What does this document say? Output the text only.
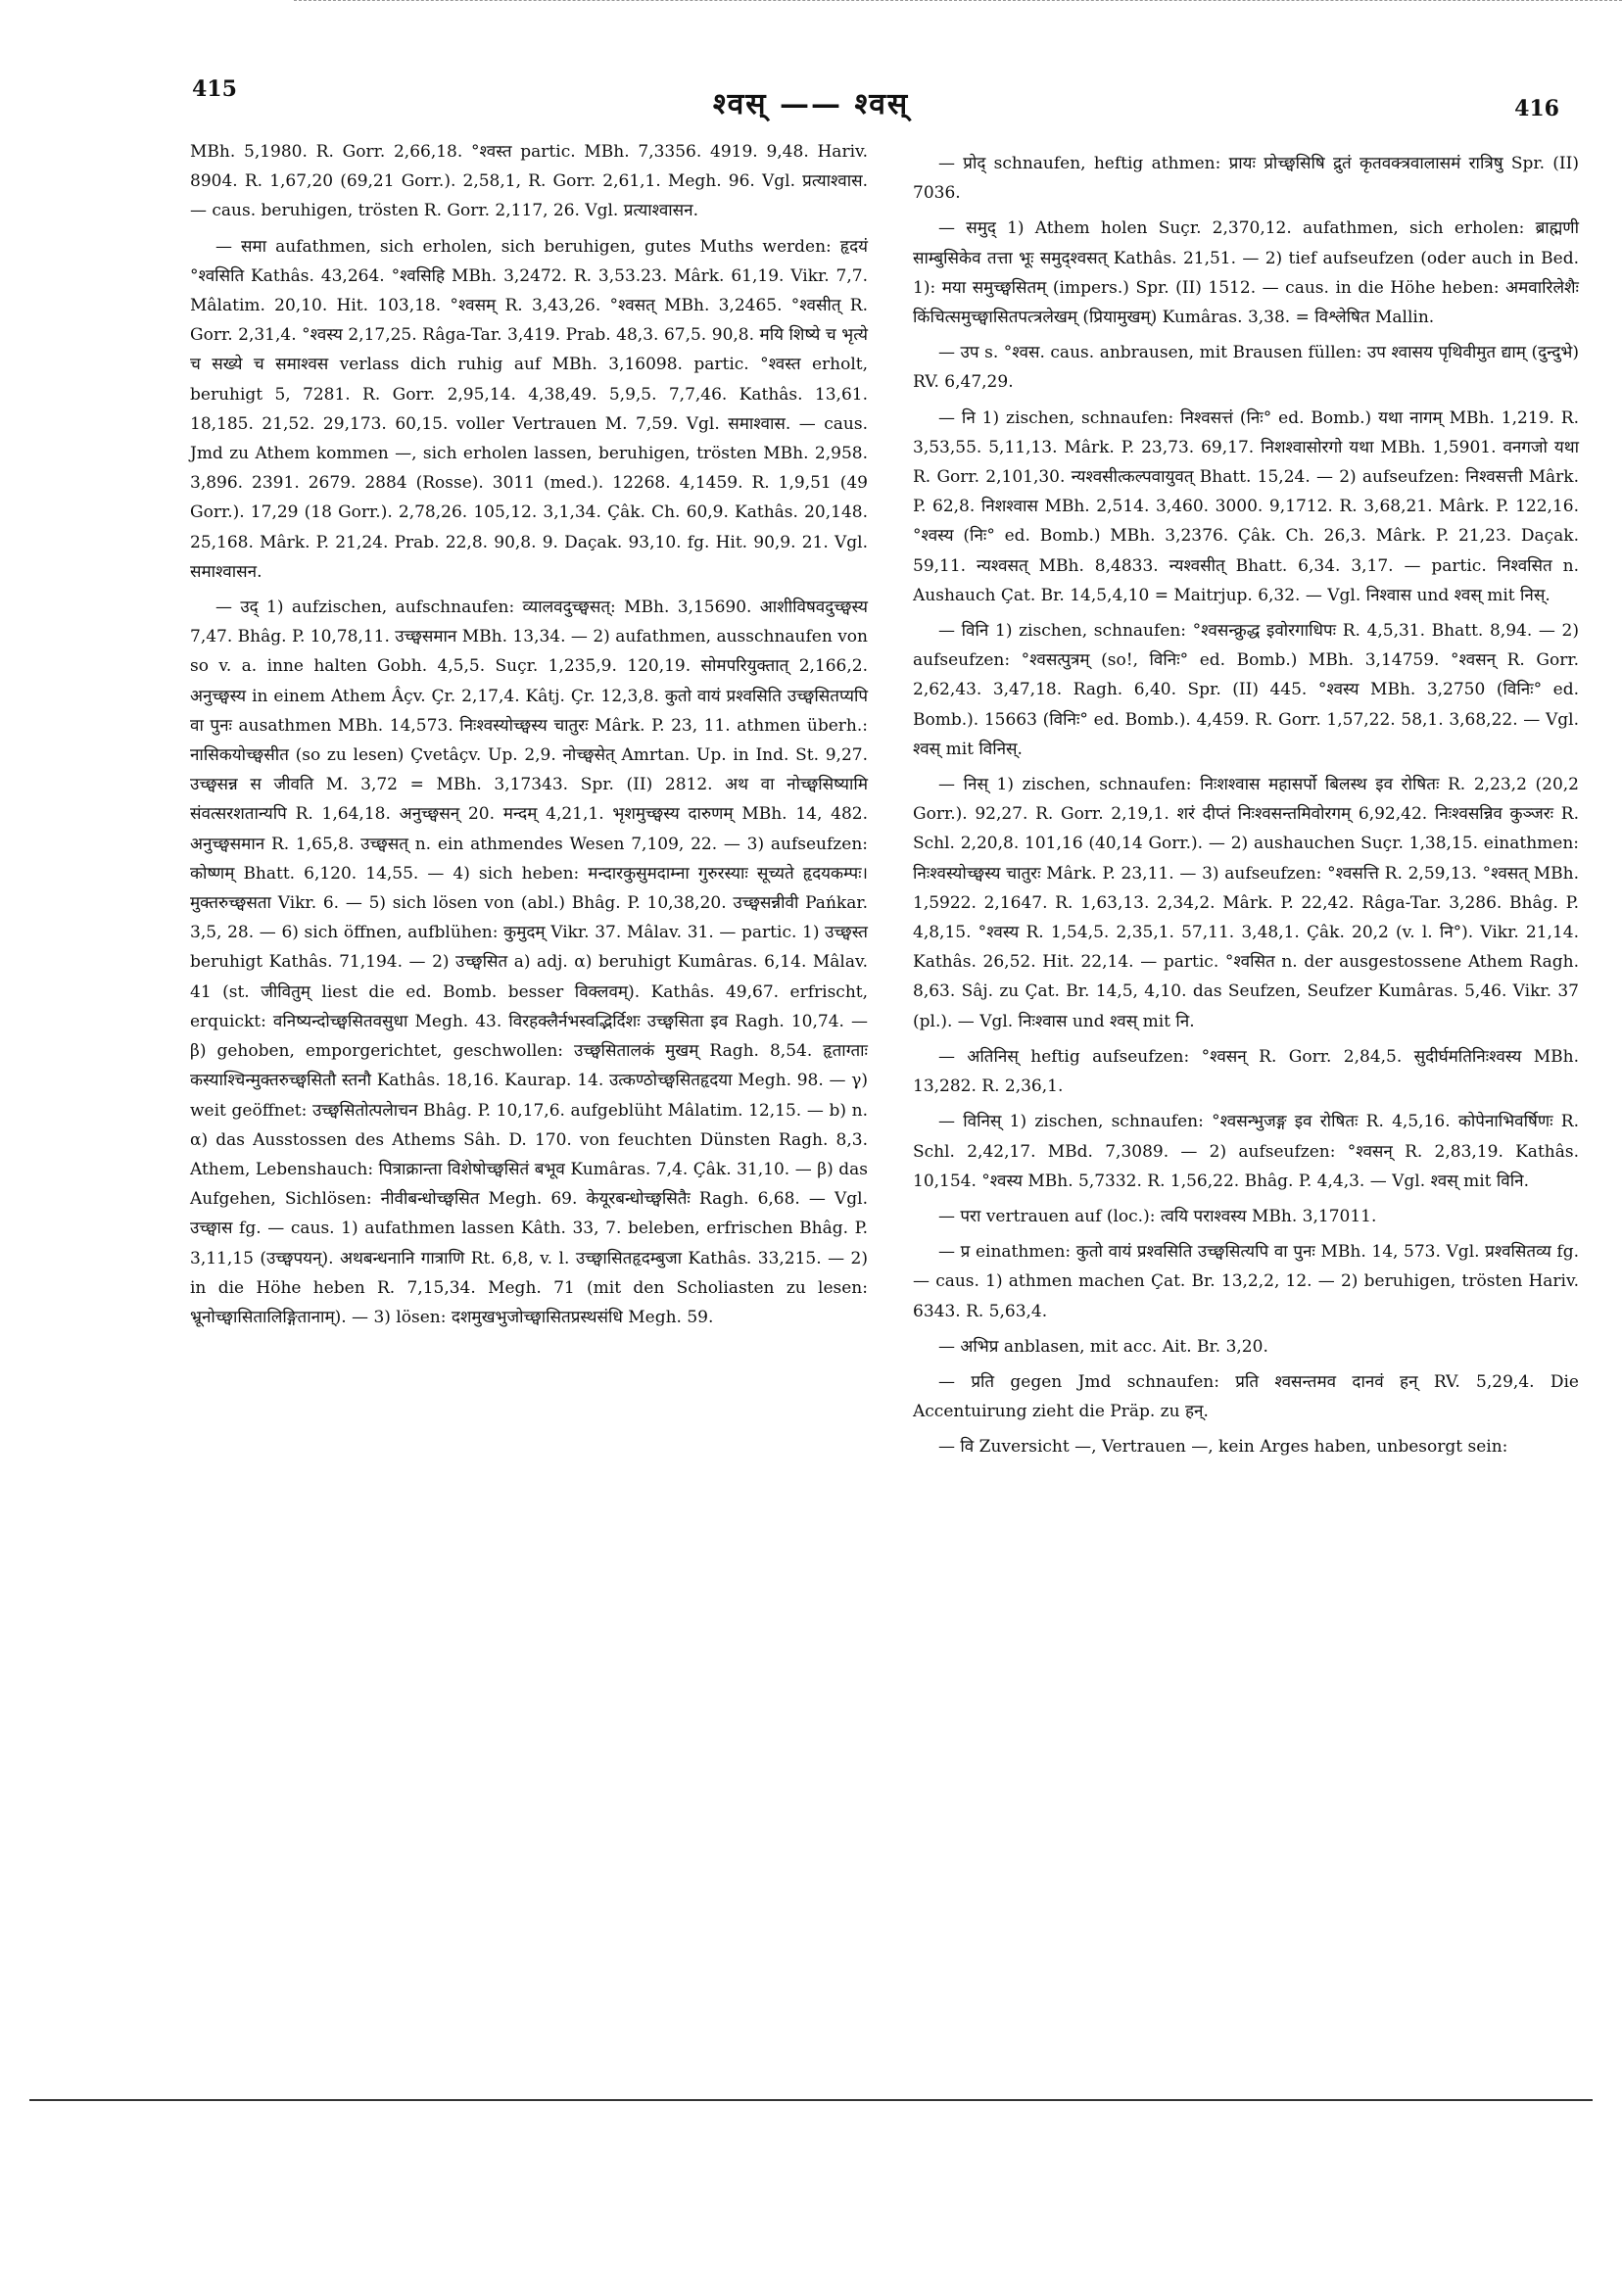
415	श्वस् —— श्वस्	416

MBh. 5,1980. R. Gorr. 2,66,18. °श्वस्त partic. MBh. 7,3356. 4919. 9,48. Hariv. 8904. R. 1,67,20 (69,21 Gorr.). 2,58,1, R. Gorr. 2,61,1. Megh. 96. Vgl. प्रत्याश्वास. — caus. beruhigen, trösten R. Gorr. 2,117, 26. Vgl. प्रत्याश्वासन.

— समा aufathmen, sich erholen, sich beruhigen, gutes Muths werden: हृदयं °श्वसिति Kathâs. 43,264. °श्वसिहि MBh. 3,2472. R. 3,53.23. Mârk. 61,19. Vikr. 7,7. Mâlatim. 20,10. Hit. 103,18. °श्वसम् R. 3,43,26. °श्वसत् MBh. 3,2465. °श्वसीत् R. Gorr. 2,31,4. °श्वस्य 2,17,25. Râga-Tar. 3,419. Prab. 48,3. 67,5. 90,8. मयि शिष्ये च भृत्ये च सख्ये च समाश्वस verlass dich ruhig auf MBh. 3,16098. partic. °श्वस्त erholt, beruhigt 5, 7281. R. Gorr. 2,95,14. 4,38,49. 5,9,5. 7,7,46. Kathâs. 13,61. 18,185. 21,52. 29,173. 60,15. voller Vertrauen M. 7,59. Vgl. समाश्वास. — caus. Jmd zu Athem kommen —, sich erholen lassen, beruhigen, trösten MBh. 2,958. 3,896. 2391. 2679. 2884 (Rosse). 3011 (med.). 12268. 4,1459. R. 1,9,51 (49 Gorr.). 17,29 (18 Gorr.). 2,78,26. 105,12. 3,1,34. Çâk. Ch. 60,9. Kathâs. 20,148. 25,168. Mârk. P. 21,24. Prab. 22,8. 90,8. 9. Daçak. 93,10. fg. Hit. 90,9. 21. Vgl. समाश्वासन.

— उद् 1) aufzischen, aufschnaufen: व्यालवदुच्छ्वसत्: MBh. 3,15690. आशीविषवदुच्छ्वस्य 7,47. Bhâg. P. 10,78,11. उच्छ्वसमान MBh. 13,34. — 2) aufathmen, ausschnaufen von so v. a. inne halten Gobh. 4,5,5. Suçr. 1,235,9. 120,19. सोमपरियुक्तात् 2,166,2. अनुच्छ्वस्य in einem Athem Âçv. Çr. 2,17,4. Kâtj. Çr. 12,3,8. कुतो वायं प्रश्वसिति उच्छ्वसितप्यपि वा पुनः ausathmen MBh. 14,573. निःश्वस्योच्छ्वस्य चातुरः Mârk. P. 23, 11. athmen überh.: नासिकयोच्छ्वसीत (so zu lesen) Çvetâçv. Up. 2,9. नोच्छ्वसेत् Amrtan. Up. in Ind. St. 9,27. उच्छ्वसन्न स जीवति M. 3,72 = MBh. 3,17343. Spr. (II) 2812. अथ वा नोच्छ्वसिष्यामि संवत्सरशतान्यपि R. 1,64,18. अनुच्छ्वसन् 20. मन्दम् 4,21,1. भृशमुच्छ्वस्य दारुणम् MBh. 14, 482. अनुच्छ्वसमान R. 1,65,8. उच्छ्वसत् n. ein athmendes Wesen 7,109, 22. — 3) aufseufzen: कोष्णम् Bhatt. 6,120. 14,55. — 4) sich heben: मन्दारकुसुमदाम्ना गुरुरस्याः सूच्यते हृदयकम्पः। मुक्तरुच्छ्वसता Vikr. 6. — 5) sich lösen von (abl.) Bhâg. P. 10,38,20. उच्छ्वसन्नीवी Pańkar. 3,5, 28. — 6) sich öffnen, aufblühen: कुमुदम् Vikr. 37. Mâlav. 31. — partic. 1) उच्छ्वस्त beruhigt Kathâs. 71,194. — 2) उच्छ्वसित a) adj. α) beruhigt Kumâras. 6,14. Mâlav. 41 (st. जीवितुम् liest die ed. Bomb. besser विक्लवम्). Kathâs. 49,67. erfrischt, erquickt: वनिष्यन्दोच्छ्वसितवसुधा Megh. 43. विरहक्लैर्नभस्वद्भिर्दिशः उच्छ्वसिता इव Ragh. 10,74. — β) gehoben, emporgerichtet, geschwollen: उच्छ्वसितालकं मुखम् Ragh. 8,54. हृताग्ताः कस्याश्चिन्मुक्तरुच्छ्वसितौ स्तनौ Kathâs. 18,16. Kaurap. 14. उत्कण्ठोच्छ्वसितहृदया Megh. 98. — γ) weit geöffnet: उच्छ्वसितोत्पलेाचन Bhâg. P. 10,17,6. aufgeblüht Mâlatim. 12,15. — b) n. α) das Ausstossen des Athems Sâh. D. 170. von feuchten Dünsten Ragh. 8,3. Athem, Lebenshauch: पित्राक्रान्ता विशेषोच्छ्वसितं बभूव Kumâras. 7,4. Çâk. 31,10. — β) das Aufgehen, Sichlösen: नीवीबन्धोच्छ्वसित Megh. 69. केयूरबन्धोच्छ्वसितैः Ragh. 6,68. — Vgl. उच्छ्वास fg. — caus. 1) aufathmen lassen Kâth. 33, 7. beleben, erfrischen Bhâg. P. 3,11,15 (उच्छ्वपयन्). अथबन्धनानि गात्राणि Rt. 6,8, v. l. उच्छ्वासितहृदम्बुजा Kathâs. 33,215. — 2) in die Höhe heben R. 7,15,34. Megh. 71 (mit den Scholiasten zu lesen: भ्रूनोच्छ्वासितालिङ्गितानाम्). — 3) lösen: दशमुखभुजोच्छ्वासितप्रस्थसंधि Megh. 59.

— प्रोद् schnaufen, heftig athmen: प्रायः प्रोच्छ्वसिषि द्रुतं कृतवक्त्रवालासमं रात्रिषु Spr. (II) 7036.

— समुद् 1) Athem holen Suçr. 2,370,12. aufathmen, sich erholen: ब्राह्मणी साम्बुसिकेव तत्ता भूः समुद्श्वसत् Kathâs. 21,51. — 2) tief aufseufzen (oder auch in Bed. 1): मया समुच्छ्वसितम् (impers.) Spr. (II) 1512. — caus. in die Höhe heben: अमवारिलेशैः किंचित्समुच्छ्वासितपत्त्रलेखम् (प्रियामुखम्) Kumâras. 3,38. = विश्लेषित Mallin.

— उप s. °श्वस. caus. anbrausen, mit Brausen füllen: उप श्वासय पृथिवीमुत द्याम् (दुन्दुभे) RV. 6,47,29.

— नि 1) zischen, schnaufen: निश्वसत्तं (निः° ed. Bomb.) यथा नागम् MBh. 1,219. R. 3,53,55. 5,11,13. Mârk. P. 23,73. 69,17. निशश्वासोरगो यथा MBh. 1,5901. वनगजो यथा R. Gorr. 2,101,30. न्यश्वसीत्कल्पवायुवत् Bhatt. 15,24. — 2) aufseufzen: निश्वसत्ती Mârk. P. 62,8. निशश्वास MBh. 2,514. 3,460. 3000. 9,1712. R. 3,68,21. Mârk. P. 122,16. °श्वस्य (निः° ed. Bomb.) MBh. 3,2376. Çâk. Ch. 26,3. Mârk. P. 21,23. Daçak. 59,11. न्यश्वसत् MBh. 8,4833. न्यश्वसीत् Bhatt. 6,34. 3,17. — partic. निश्वसित n. Aushauch Çat. Br. 14,5,4,10 = Maitrjup. 6,32. — Vgl. निश्वास und श्वस् mit निस्.

— विनि 1) zischen, schnaufen: °श्वसन्क्रुद्ध इवोरगाधिपः R. 4,5,31. Bhatt. 8,94. — 2) aufseufzen: °श्वसत्पुत्रम् (so!, विनिः° ed. Bomb.) MBh. 3,14759. °श्वसन् R. Gorr. 2,62,43. 3,47,18. Ragh. 6,40. Spr. (II) 445. °श्वस्य MBh. 3,2750 (विनिः° ed. Bomb.). 15663 (विनिः° ed. Bomb.). 4,459. R. Gorr. 1,57,22. 58,1. 3,68,22. — Vgl. श्वस् mit विनिस्.

— निस् 1) zischen, schnaufen: निःशश्वास महासर्पो बिलस्थ इव रोषितः R. 2,23,2 (20,2 Gorr.). 92,27. R. Gorr. 2,19,1. शरं दीप्तं निःश्वसन्तमिवोरगम् 6,92,42. निःश्वसन्निव कुञ्जरः R. Schl. 2,20,8. 101,16 (40,14 Gorr.). — 2) aushauchen Suçr. 1,38,15. einathmen: निःश्वस्योच्छ्वस्य चातुरः Mârk. P. 23,11. — 3) aufseufzen: °श्वसत्ति R. 2,59,13. °श्वसत् MBh. 1,5922. 2,1647. R. 1,63,13. 2,34,2. Mârk. P. 22,42. Râga-Tar. 3,286. Bhâg. P. 4,8,15. °श्वस्य R. 1,54,5. 2,35,1. 57,11. 3,48,1. Çâk. 20,2 (v. l. नि°). Vikr. 21,14. Kathâs. 26,52. Hit. 22,14. — partic. °श्वसित n. der ausgestossene Athem Ragh. 8,63. Sâj. zu Çat. Br. 14,5, 4,10. das Seufzen, Seufzer Kumâras. 5,46. Vikr. 37 (pl.). — Vgl. निःश्वास und श्वस् mit नि.

— अतिनिस् heftig aufseufzen: °श्वसन् R. Gorr. 2,84,5. सुदीर्घमतिनिःश्वस्य MBh. 13,282. R. 2,36,1.

— विनिस् 1) zischen, schnaufen: °श्वसन्भुजङ्ग इव रोषितः R. 4,5,16. कोपेनाभिवर्षिणः R. Schl. 2,42,17. MBd. 7,3089. — 2) aufseufzen: °श्वसन् R. 2,83,19. Kathâs. 10,154. °श्वस्य MBh. 5,7332. R. 1,56,22. Bhâg. P. 4,4,3. — Vgl. श्वस् mit विनि.

— परा vertrauen auf (loc.): त्वयि पराश्वस्य MBh. 3,17011.

— प्र einathmen: कुतो वायं प्रश्वसिति उच्छ्वसित्यपि वा पुनः MBh. 14, 573. Vgl. प्रश्वसितव्य fg. — caus. 1) athmen machen Çat. Br. 13,2,2, 12. — 2) beruhigen, trösten Hariv. 6343. R. 5,63,4.

— अभिप्र anblasen, mit acc. Ait. Br. 3,20.

— प्रति gegen Jmd schnaufen: प्रति श्वसन्तमव दानवं हन् RV. 5,29,4. Die Accentuirung zieht die Präp. zu हन्.

— वि Zuversicht —, Vertrauen —, kein Arges haben, unbesorgt sein:
